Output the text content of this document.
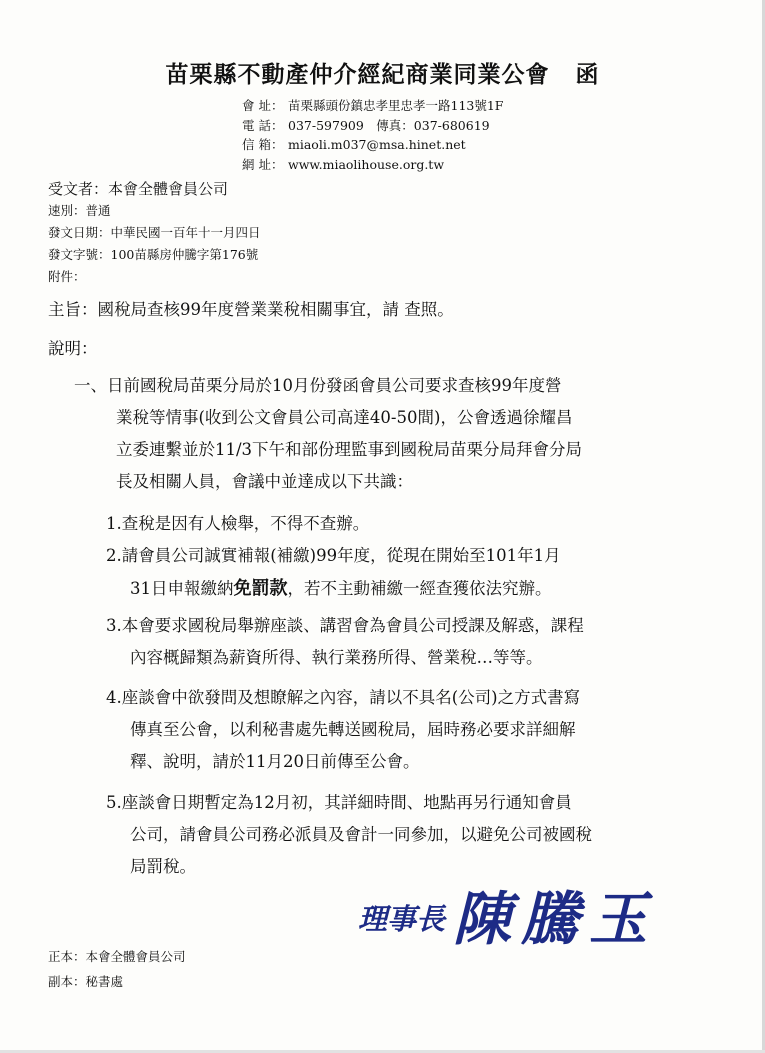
苗栗縣不動產仲介經紀商業同業公會 函
會 址： 苗栗縣頭份鎮忠孝里忠孝一路113號1F
電 話： 037-597909　傳真：037-680619
信 箱： miaoli.m037@msa.hinet.net
網 址： www.miaolihouse.org.tw
受文者：本會全體會員公司
速別：普通
發文日期：中華民國一百年十一月四日
發文字號：100苗縣房仲騰字第176號
附件：
主旨：國稅局查核99年度營業業稅相關事宜，請 查照。
說明：
一、日前國稅局苗栗分局於10月份發函會員公司要求查核99年度營
業稅等情事(收到公文會員公司高達40-50間)，公會透過徐耀昌
立委連繫並於11/3下午和部份理監事到國稅局苗栗分局拜會分局
長及相關人員，會議中並達成以下共識：
1.查稅是因有人檢舉，不得不查辦。
2.請會員公司誠實補報(補繳)99年度，從現在開始至101年1月
31日申報繳納免罰款，若不主動補繳一經查獲依法究辦。
3.本會要求國稅局舉辦座談、講習會為會員公司授課及解惑，課程
內容概歸類為薪資所得、執行業務所得、營業稅…等等。
4.座談會中欲發問及想瞭解之內容，請以不具名(公司)之方式書寫
傳真至公會，以利秘書處先轉送國稅局，屆時務必要求詳細解
釋、說明，請於11月20日前傳至公會。
5.座談會日期暫定為12月初，其詳細時間、地點再另行通知會員
公司，請會員公司務必派員及會計一同參加，以避免公司被國稅
局罰稅。
理事長 陳騰玉
正本：本會全體會員公司
副本：秘書處
